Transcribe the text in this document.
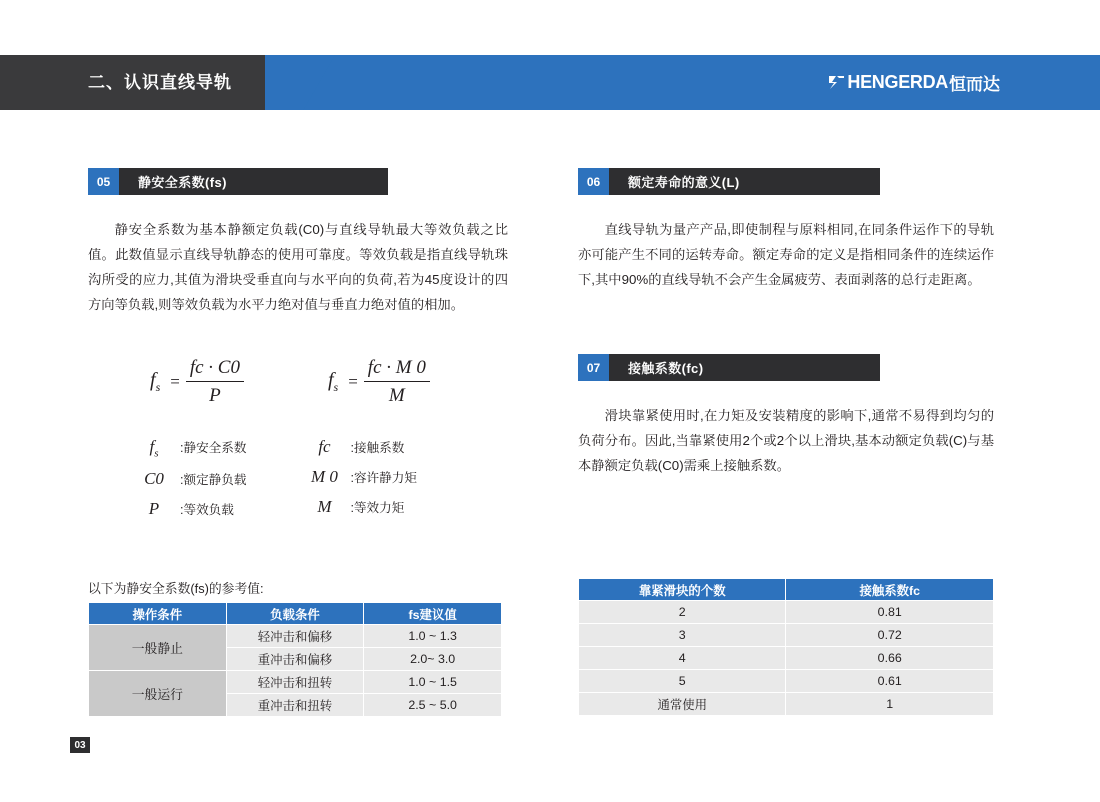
二、认识直线导轨	HENGERDA 恒而达
05	静安全系数(fs)
静安全系数为基本静额定负载(C0)与直线导轨最大等效负载之比值。此数值显示直线导轨静态的使用可靠度。等效负载是指直线导轨珠沟所受的应力,其值为滑块受垂直向与水平向的负荷,若为45度设计的四方向等负载,则等效负载为水平力绝对值与垂直力绝对值的相加。
$f_s = \frac{fc \cdot C0}{P}$	$f_s = \frac{fc \cdot M 0}{M}$
$f_s$	:静安全系数
C0	:额定静负载
P	:等效负载
fc	:接触系数
M 0 :容许静力矩
M	:等效力矩
06	额定寿命的意义(L)
直线导轨为量产产品,即使制程与原料相同,在同条件运作下的导轨亦可能产生不同的运转寿命。额定寿命的定义是指相同条件的连续运作下,其中90%的直线导轨不会产生金属疲劳、表面剥落的总行走距离。
07	接触系数(fc)
滑块靠紧使用时,在力矩及安装精度的影响下,通常不易得到均匀的负荷分布。因此,当靠紧使用2个或2个以上滑块,基本动额定负载(C)与基本静额定负载(C0)需乘上接触系数。
以下为静安全系数(fs)的参考值:
操作条件	负载条件	fs建议值
一般静止	轻冲击和偏移	1.0 ~ 1.3
	重冲击和偏移	2.0~ 3.0
一般运行	轻冲击和扭转	1.0 ~ 1.5
	重冲击和扭转	2.5 ~ 5.0
靠紧滑块的个数	接触系数fc
2	0.81
3	0.72
4	0.66
5	0.61
通常使用	1
03
